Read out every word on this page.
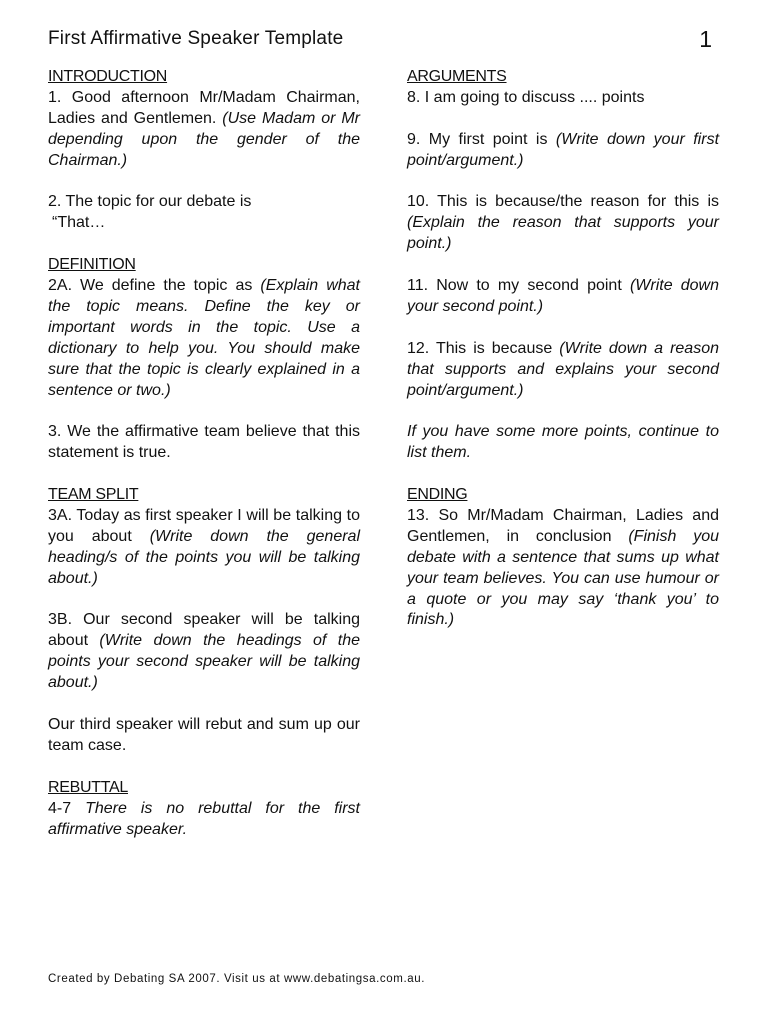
First Affirmative Speaker Template	1
INTRODUCTION

1. Good afternoon Mr/Madam Chairman, Ladies and Gentlemen. (Use Madam or Mr depending upon the gender of the Chairman.)

2. The topic for our debate is

“That…

DEFINITION

2A. We define the topic as (Explain what the topic means. Define the key or important words in the topic. Use a dictionary to help you. You should make sure that the topic is clearly explained in a sentence or two.)

3. We the affirmative team believe that this statement is true.

TEAM SPLIT

3A. Today as first speaker I will be talking to you about (Write down the general heading/s of the points you will be talking about.)

3B. Our second speaker will be talking about (Write down the headings of the points your second speaker will be talking about.)

Our third speaker will rebut and sum up our team case.

REBUTTAL

4-7 There is no rebuttal for the first affirmative speaker.

ARGUMENTS

8. I am going to discuss .... points

9. My first point is (Write down your first point/argument.)

10. This is because/the reason for this is (Explain the reason that supports your point.)

11. Now to my second point (Write down your second point.)

12. This is because (Write down a reason that supports and explains your second point/argument.)

If you have some more points, continue to list them.

ENDING

13. So Mr/Madam Chairman, Ladies and Gentlemen, in conclusion (Finish you debate with a sentence that sums up what your team believes. You can use humour or a quote or you may say ‘thank you’ to finish.)

Created by Debating SA 2007. Visit us at www.debatingsa.com.au.
